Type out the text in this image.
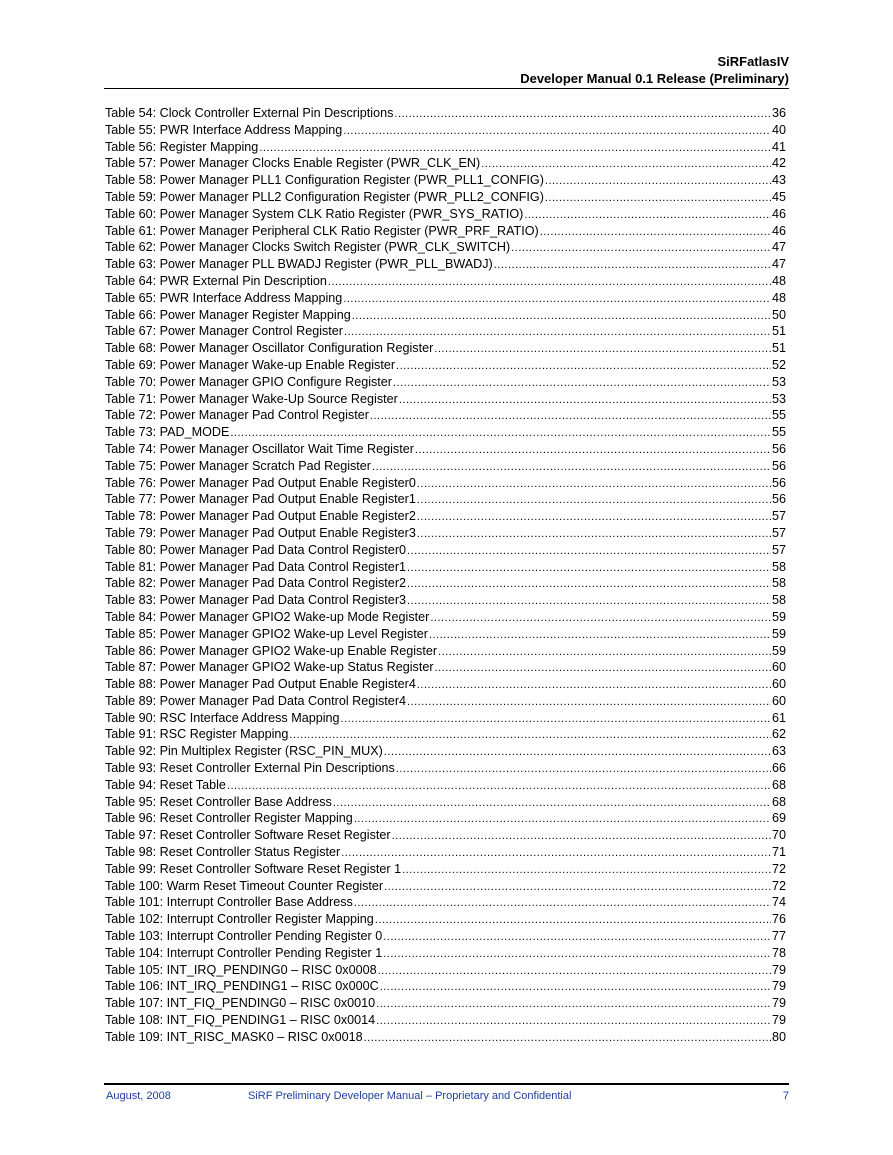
SiRFatlasIV
Developer Manual 0.1 Release (Preliminary)
Table 54: Clock Controller External Pin Descriptions .....	36
Table 55: PWR Interface Address Mapping .....	40
Table 56: Register Mapping .....	41
Table 57: Power Manager Clocks Enable Register (PWR_CLK_EN) .....	42
Table 58: Power Manager PLL1 Configuration Register (PWR_PLL1_CONFIG) .....	43
Table 59: Power Manager PLL2 Configuration Register (PWR_PLL2_CONFIG) .....	45
Table 60: Power Manager System CLK Ratio Register (PWR_SYS_RATIO) .....	46
Table 61: Power Manager Peripheral CLK Ratio Register (PWR_PRF_RATIO) .....	46
Table 62: Power Manager Clocks Switch Register (PWR_CLK_SWITCH) .....	47
Table 63: Power Manager PLL BWADJ Register (PWR_PLL_BWADJ) .....	47
Table 64: PWR External Pin Description .....	48
Table 65: PWR Interface Address Mapping .....	48
Table 66: Power Manager Register Mapping .....	50
Table 67: Power Manager Control Register .....	51
Table 68: Power Manager Oscillator Configuration Register .....	51
Table 69: Power Manager Wake-up Enable Register .....	52
Table 70: Power Manager GPIO Configure Register .....	53
Table 71: Power Manager Wake-Up Source Register .....	53
Table 72: Power Manager Pad Control Register .....	55
Table 73: PAD_MODE .....	55
Table 74: Power Manager Oscillator Wait Time Register .....	56
Table 75: Power Manager Scratch Pad Register .....	56
Table 76: Power Manager Pad Output Enable Register0 .....	56
Table 77: Power Manager Pad Output Enable Register1 .....	56
Table 78: Power Manager Pad Output Enable Register2 .....	57
Table 79: Power Manager Pad Output Enable Register3 .....	57
Table 80: Power Manager Pad Data Control Register0 .....	57
Table 81: Power Manager Pad Data Control Register1 .....	58
Table 82: Power Manager Pad Data Control Register2 .....	58
Table 83: Power Manager Pad Data Control Register3 .....	58
Table 84: Power Manager GPIO2 Wake-up Mode Register .....	59
Table 85: Power Manager GPIO2 Wake-up Level Register .....	59
Table 86: Power Manager GPIO2 Wake-up Enable Register .....	59
Table 87: Power Manager GPIO2 Wake-up Status Register .....	60
Table 88: Power Manager Pad Output Enable Register4 .....	60
Table 89: Power Manager Pad Data Control Register4 .....	60
Table 90: RSC Interface Address Mapping .....	61
Table 91: RSC Register Mapping .....	62
Table 92: Pin Multiplex Register (RSC_PIN_MUX) .....	63
Table 93: Reset Controller External Pin Descriptions .....	66
Table 94: Reset Table .....	68
Table 95: Reset Controller Base Address .....	68
Table 96: Reset Controller Register Mapping .....	69
Table 97: Reset Controller Software Reset Register .....	70
Table 98: Reset Controller Status Register .....	71
Table 99: Reset Controller Software Reset Register 1 .....	72
Table 100: Warm Reset Timeout Counter Register .....	72
Table 101: Interrupt Controller Base Address .....	74
Table 102: Interrupt Controller Register Mapping .....	76
Table 103: Interrupt Controller Pending Register 0 .....	77
Table 104: Interrupt Controller Pending Register 1 .....	78
Table 105: INT_IRQ_PENDING0 – RISC 0x0008 .....	79
Table 106: INT_IRQ_PENDING1 – RISC 0x000C .....	79
Table 107: INT_FIQ_PENDING0 – RISC 0x0010 .....	79
Table 108: INT_FIQ_PENDING1 – RISC 0x0014 .....	79
Table 109: INT_RISC_MASK0 – RISC 0x0018 .....	80
August, 2008	SiRF Preliminary Developer Manual – Proprietary and Confidential	7
